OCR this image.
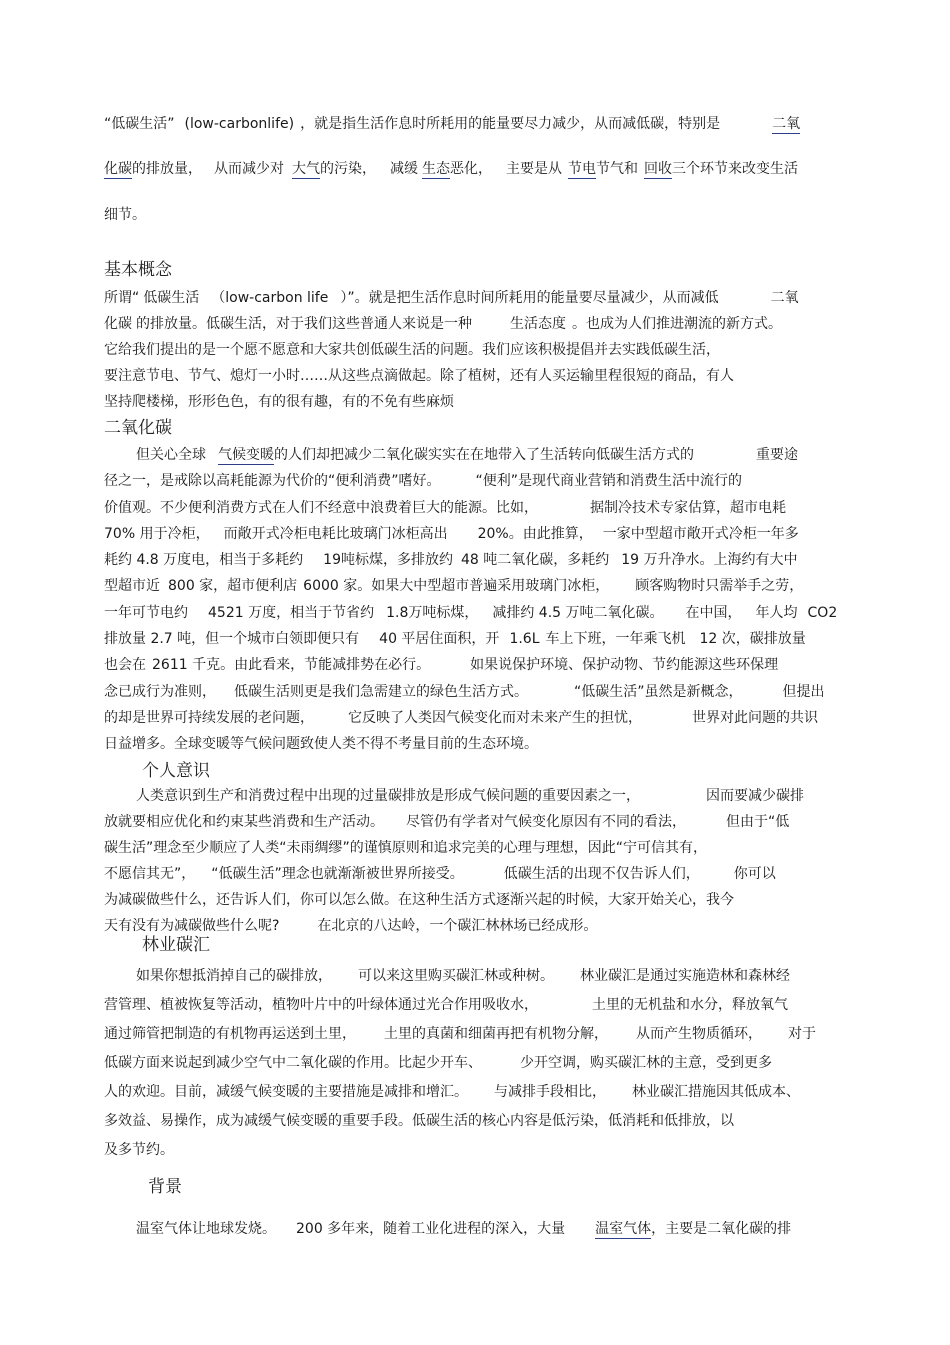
“低碳生活” (low-carbonlife) ，就是指生活作息时所耗用的能量要尽力减少，从而减低碳，特别是	二氧
化碳的排放量， 从而减少对 大气的污染， 减缓 生态恶化， 主要是从 节电节气和 回收三个环节来改变生活
细节。
基本概念
所谓“ 低碳生活 （low-carbon life ）”。就是把生活作息时间所耗用的能量要尽量减少，从而减低	二氧
化碳 的排放量。低碳生活，对于我们这些普通人来说是一种	生活态度 。也成为人们推进潮流的新方式。
它给我们提出的是一个愿不愿意和大家共创低碳生活的问题。我们应该积极提倡并去实践低碳生活，
要注意节电、节气、熄灯一小时……从这些点滴做起。除了植树，还有人买运输里程很短的商品，有人
坚持爬楼梯，形形色色，有的很有趣，有的不免有些麻烦
二氧化碳
但关心全球 气候变暖的人们却把减少二氧化碳实实在在地带入了生活转向低碳生活方式的	重要途
径之一，是戒除以高耗能源为代价的“便利消费”嗜好。　　　“便利”是现代商业营销和消费生活中流行的
价值观。不少便利消费方式在人们不经意中浪费着巨大的能源。比如，	据制冷技术专家估算，超市电耗
70% 用于冷柜， 而敞开式冷柜电耗比玻璃门冰柜高出 20%。由此推算， 一家中型超市敞开式冷柜一年多
耗约 4.8 万度电，相当于多耗约 19吨标煤，多排放约 48 吨二氧化碳，多耗约 19 万升净水。上海约有大中
型超市近 800 家，超市便利店 6000 家。如果大中型超市普遍采用玻璃门冰柜， 顾客购物时只需举手之劳，
一年可节电约 4521 万度，相当于节省约 1.8万吨标煤， 减排约 4.5 万吨二氧化碳。 在中国， 年人均 CO2
排放量 2.7 吨，但一个城市白领即便只有 40 平居住面积，开 1.6L 车上下班，一年乘飞机 12 次，碳排放量
也会在 2611 千克。由此看来，节能减排势在必行。	如果说保护环境、保护动物、节约能源这些环保理
念已成行为准则， 低碳生活则更是我们急需建立的绿色生活方式。	“低碳生活”虽然是新概念，	但提出
的却是世界可持续发展的老问题， 它反映了人类因气候变化而对未来产生的担忧，	世界对此问题的共识
日益增多。全球变暖等气候问题致使人类不得不考量目前的生态环境。
个人意识
人类意识到生产和消费过程中出现的过量碳排放是形成气候问题的重要因素之一，	因而要减少碳排
放就要相应优化和约束某些消费和生产活动。 尽管仍有学者对气候变化原因有不同的看法，	但由于“低
碳生活”理念至少顺应了人类“未雨绸缪”的谨慎原则和追求完美的心理与理想，因此“宁可信其有，
不愿信其无”， “低碳生活”理念也就渐渐被世界所接受。	低碳生活的出现不仅告诉人们， 你可以
为减碳做些什么，还告诉人们，你可以怎么做。在这种生活方式逐渐兴起的时候，大家开始关心，我今
天有没有为减碳做些什么呢?	在北京的八达岭，一个碳汇林林场已经成形。
林业碳汇
如果你想抵消掉自己的碳排放， 可以来这里购买碳汇林或种树。 林业碳汇是通过实施造林和森林经
营管理、植被恢复等活动，植物叶片中的叶绿体通过光合作用吸收水，	土里的无机盐和水分，释放氧气
通过筛管把制造的有机物再运送到土里， 土里的真菌和细菌再把有机物分解， 从而产生物质循环， 对于
低碳方面来说起到减少空气中二氧化碳的作用。比起少开车、	少开空调，购买碳汇林的主意，受到更多
人的欢迎。目前，减缓气候变暖的主要措施是减排和增汇。 与减排手段相比， 林业碳汇措施因其低成本、
多效益、易操作，成为减缓气候变暖的重要手段。低碳生活的核心内容是低污染，低消耗和低排放，以
及多节约。
背景
温室气体让地球发烧。 200 多年来，随着工业化进程的深入，大量 温室气体，主要是二氧化碳的排
